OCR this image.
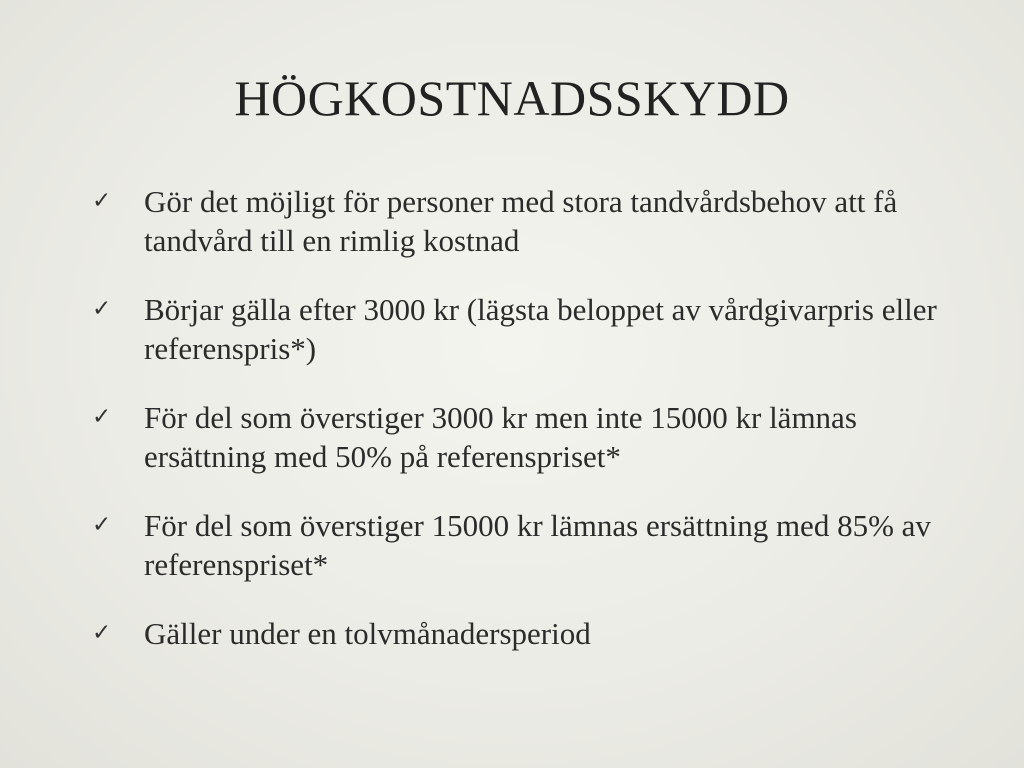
HÖGKOSTNADSSKYDD
✓ Gör det möjligt för personer med stora tandvårdsbehov att få tandvård till en rimlig kostnad
✓ Börjar gälla efter 3000 kr (lägsta beloppet av vårdgivarpris eller referenspris*)
✓ För del som överstiger 3000 kr men inte 15000 kr lämnas ersättning med 50% på referenspriset*
✓ För del som överstiger 15000 kr lämnas ersättning med 85% av referenspriset*
✓ Gäller under en tolvmånadersperiod
